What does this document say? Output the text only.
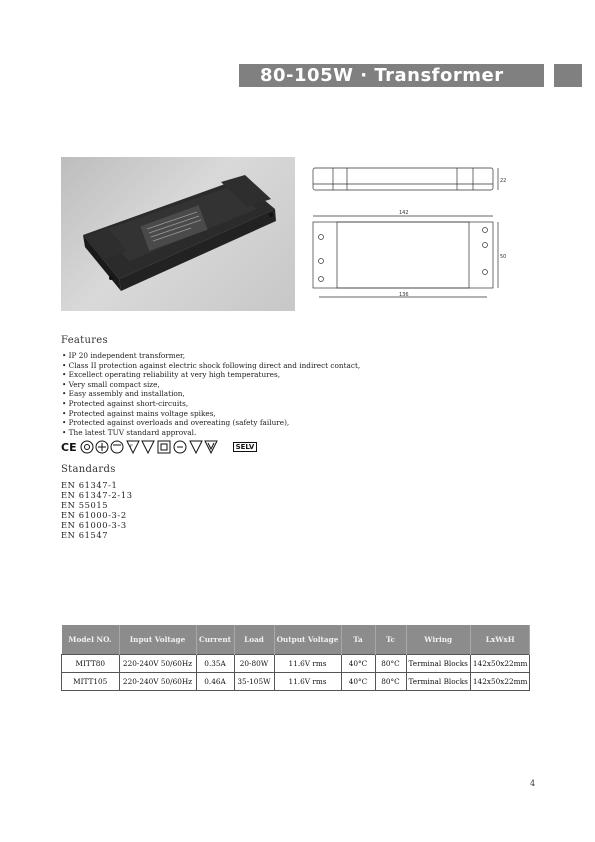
80-105W · Transformer
22
142
50
136
Features
• IP 20 independent transformer,
• Class II protection against electric shock following direct and indirect contact,
• Excellect operating reliability at very high temperatures,
• Very small compact size,
• Easy assembly and installation,
• Protected against short-circuits,
• Protected against mains voltage spikes,
• Protected against overloads and overeating (safety failure),
• The latest TUV standard approval.
CE	F	SELV
Standards
EN 61347-1
EN 61347-2-13
EN 55015
EN 61000-3-2
EN 61000-3-3
EN 61547
Model NO.	Input Voltage	Current	Load	Output Voltage	Ta	Tc	Wiring	LxWxH
MITT80	220-240V 50/60Hz	0.35A	20-80W	11.6V rms	40°C	80°C	Terminal Blocks	142x50x22mm
MITT105	220-240V 50/60Hz	0.46A	35-105W	11.6V rms	40°C	80°C	Terminal Blocks	142x50x22mm
4
